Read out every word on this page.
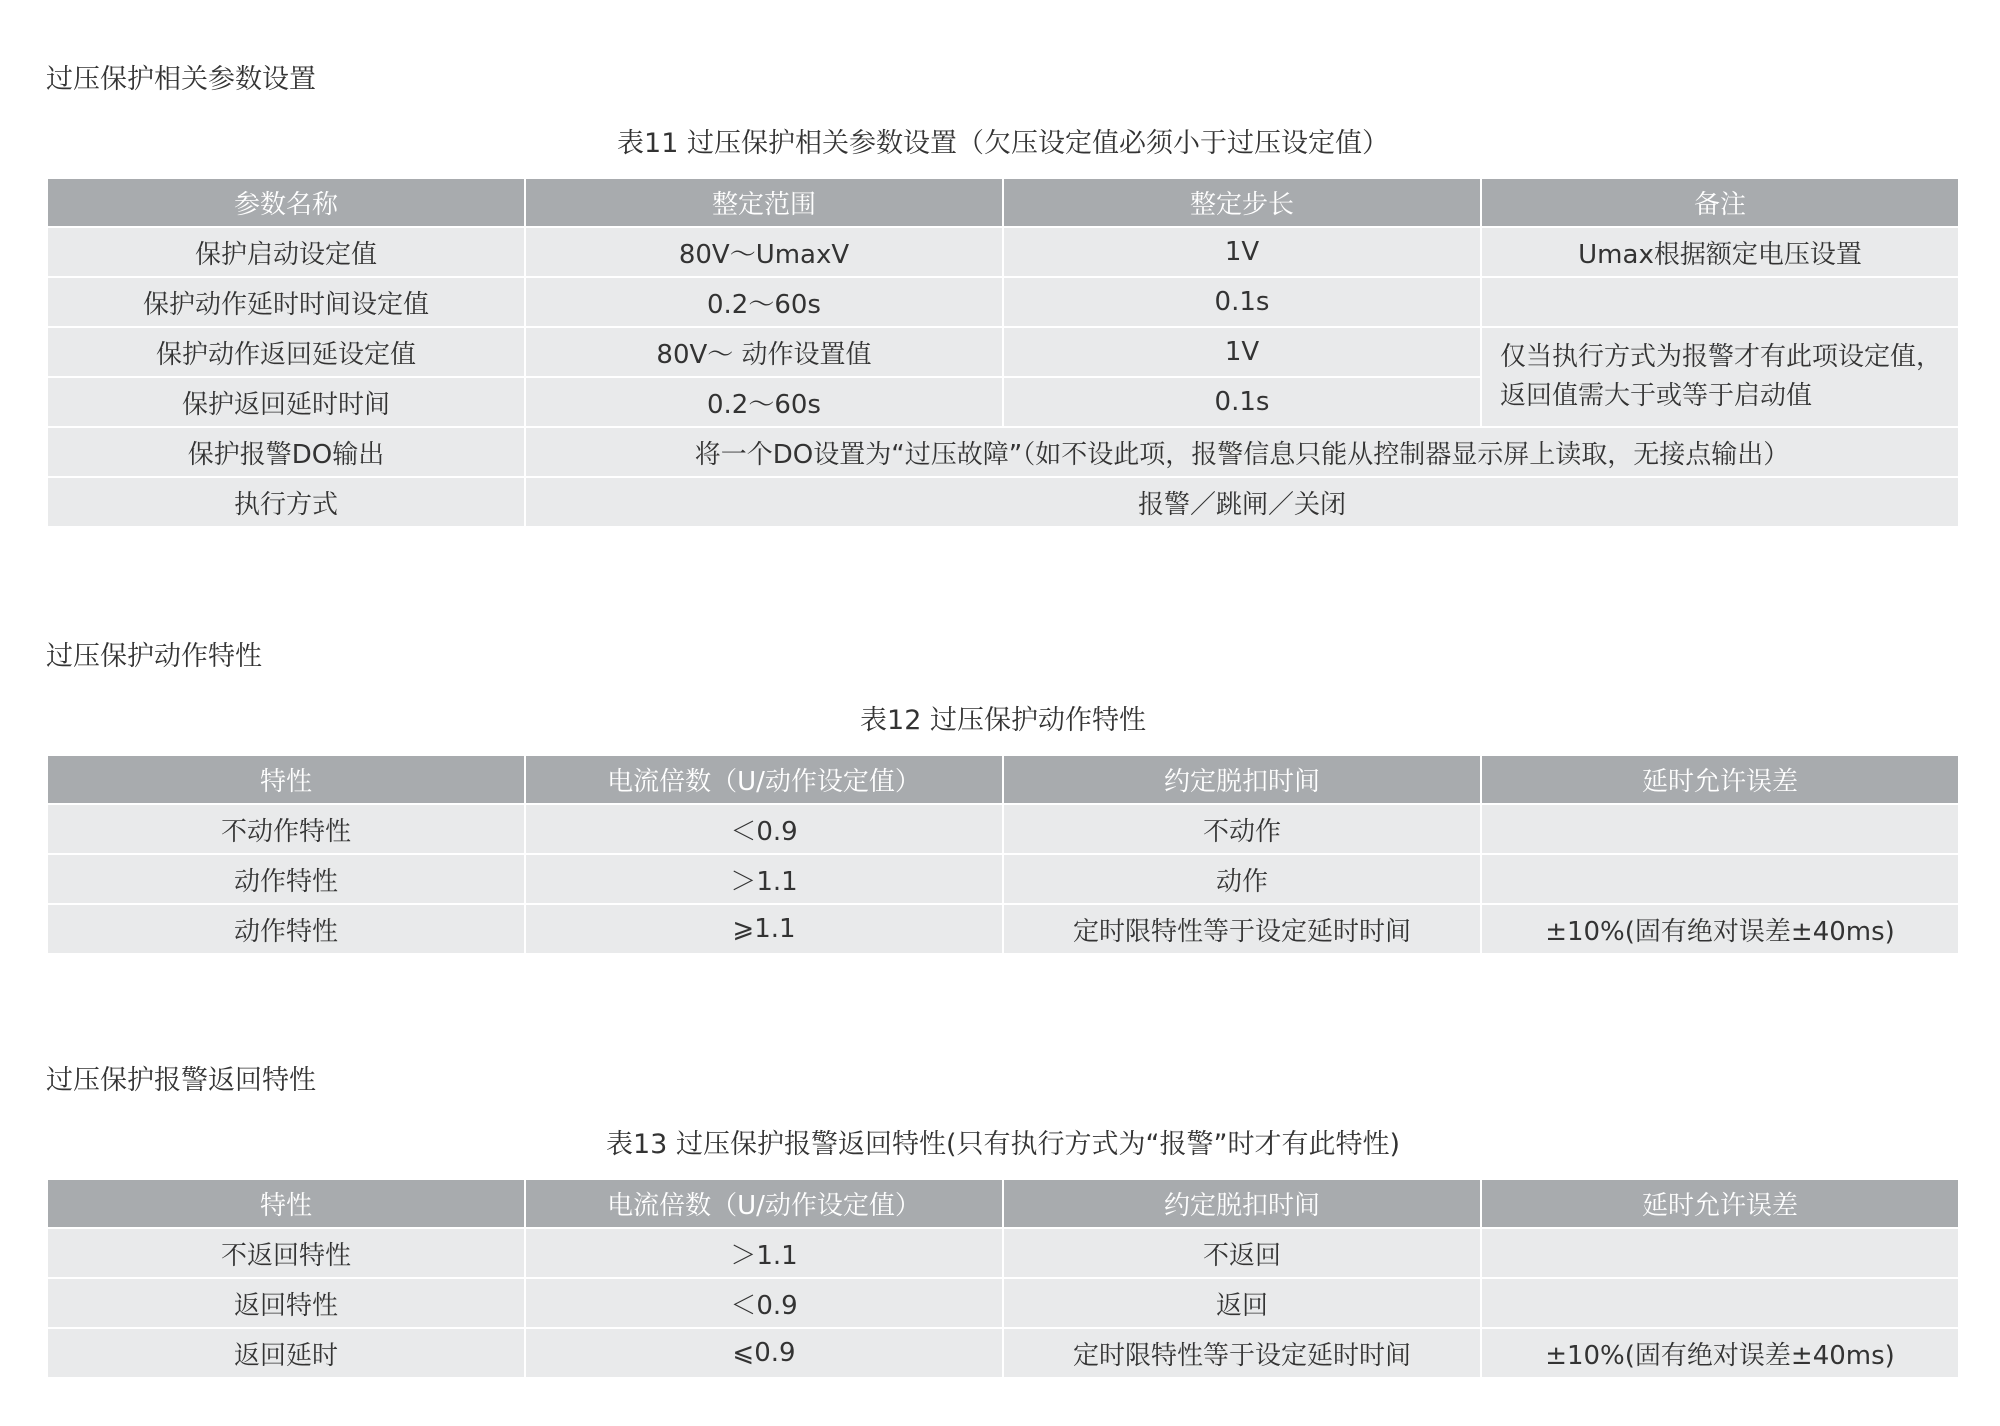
过压保护相关参数设置
表11 过压保护相关参数设置（欠压设定值必须小于过压设定值）
参数名称	整定范围	整定步长	备注
保护启动设定值	80V～UmaxV	1V	Umax根据额定电压设置
保护动作延时时间设定值	0.2～60s	0.1s	
保护动作返回延设定值	80V～ 动作设置值	1V	仅当执行方式为报警才有此项设定值，返回值需大于或等于启动值
保护返回延时时间	0.2～60s	0.1s	
保护报警DO输出	将一个DO设置为“过压故障”（如不设此项，报警信息只能从控制器显示屏上读取，无接点输出）		
执行方式	报警／跳闸／关闭		
过压保护动作特性
表12 过压保护动作特性
特性	电流倍数（U/动作设定值）	约定脱扣时间	延时允许误差
不动作特性	＜0.9	不动作	
动作特性	＞1.1	动作	
动作特性	⩾1.1	定时限特性等于设定延时时间	±10%(固有绝对误差±40ms)
过压保护报警返回特性
表13 过压保护报警返回特性(只有执行方式为“报警”时才有此特性)
特性	电流倍数（U/动作设定值）	约定脱扣时间	延时允许误差
不返回特性	＞1.1	不返回	
返回特性	＜0.9	返回	
返回延时	⩽0.9	定时限特性等于设定延时时间	±10%(固有绝对误差±40ms)
